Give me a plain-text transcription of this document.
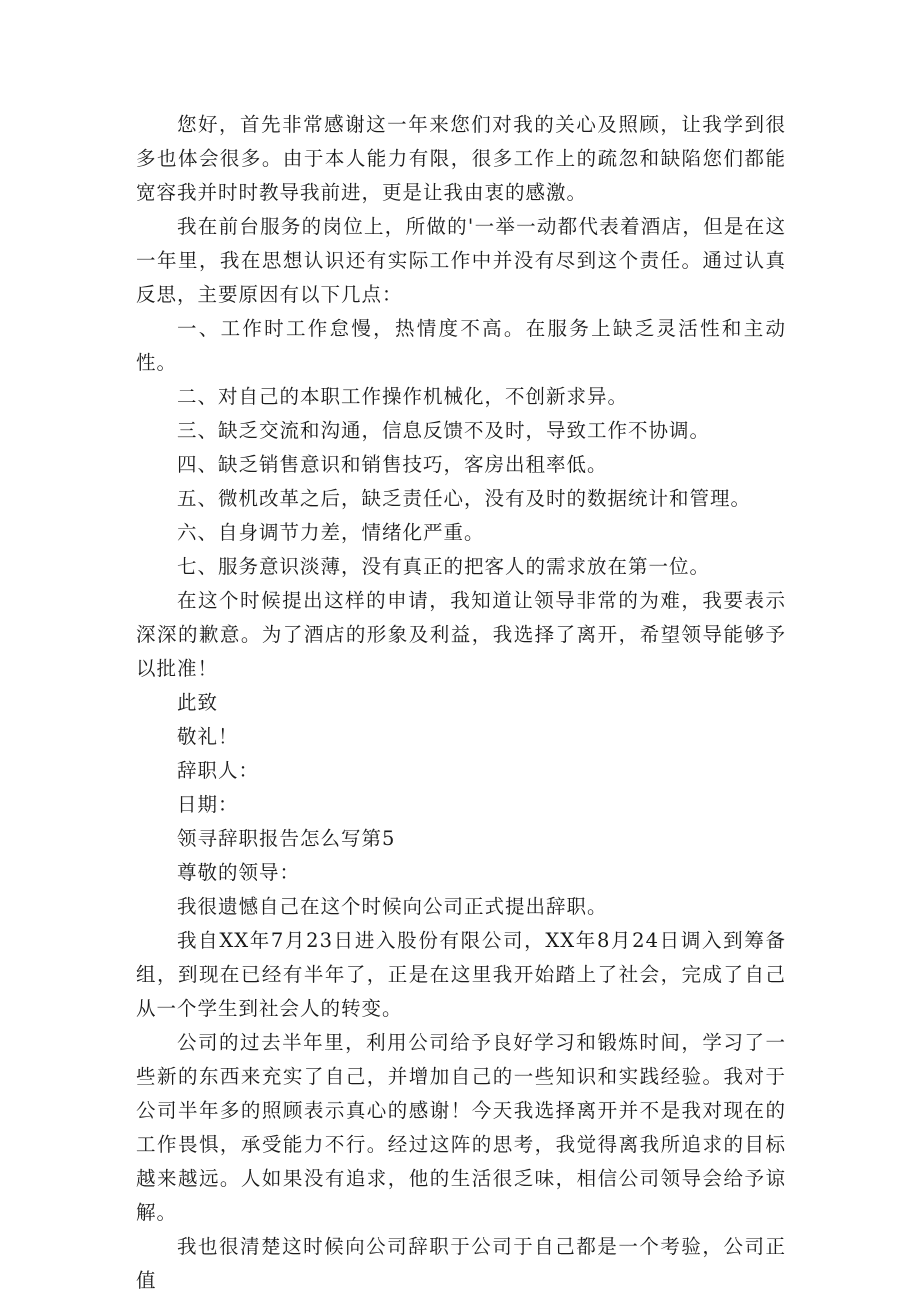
您好，首先非常感谢这一年来您们对我的关心及照顾，让我学到很多也体会很多。由于本人能力有限，很多工作上的疏忽和缺陷您们都能宽容我并时时教导我前进，更是让我由衷的感激。

我在前台服务的岗位上，所做的'一举一动都代表着酒店，但是在这一年里，我在思想认识还有实际工作中并没有尽到这个责任。通过认真反思，主要原因有以下几点：

一、工作时工作怠慢，热情度不高。在服务上缺乏灵活性和主动性。

二、对自己的本职工作操作机械化，不创新求异。

三、缺乏交流和沟通，信息反馈不及时，导致工作不协调。

四、缺乏销售意识和销售技巧，客房出租率低。

五、微机改革之后，缺乏责任心，没有及时的数据统计和管理。

六、自身调节力差，情绪化严重。

七、服务意识淡薄，没有真正的把客人的需求放在第一位。

在这个时候提出这样的申请，我知道让领导非常的为难，我要表示深深的歉意。为了酒店的形象及利益，我选择了离开，希望领导能够予以批准！

此致

敬礼！

辞职人：

日期：

领寻辞职报告怎么写第5

尊敬的领导：

我很遗憾自己在这个时候向公司正式提出辞职。

我自XX年7月23日进入股份有限公司，XX年8月24日调入到筹备组，到现在已经有半年了，正是在这里我开始踏上了社会，完成了自己从一个学生到社会人的转变。

公司的过去半年里，利用公司给予良好学习和锻炼时间，学习了一些新的东西来充实了自己，并增加自己的一些知识和实践经验。我对于公司半年多的照顾表示真心的感谢！今天我选择离开并不是我对现在的工作畏惧，承受能力不行。经过这阵的思考，我觉得离我所追求的目标越来越远。人如果没有追求，他的生活很乏味，相信公司领导会给予谅解。

我也很清楚这时候向公司辞职于公司于自己都是一个考验，公司正值
